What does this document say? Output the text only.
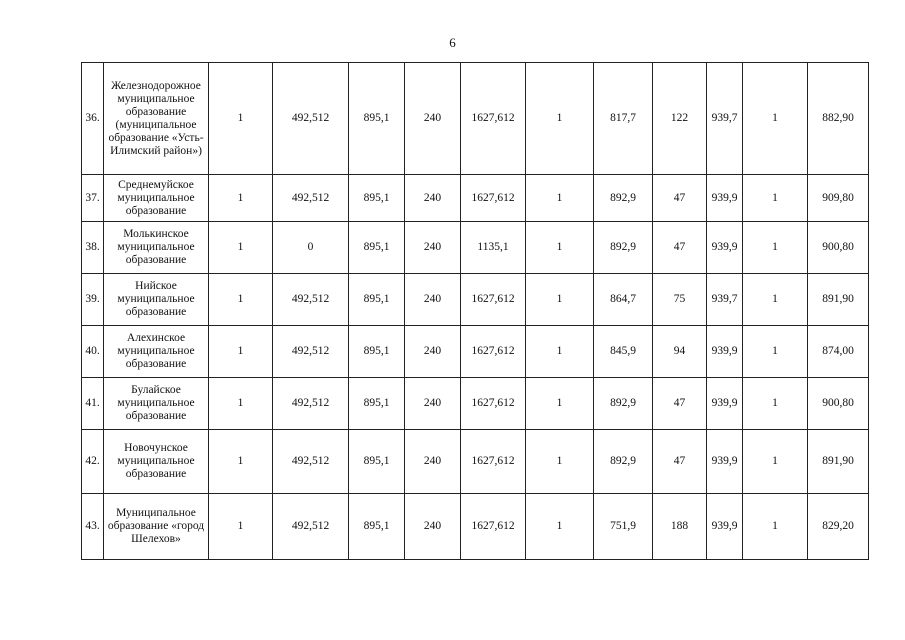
6
36.	Железнодорожное муниципальное образование (муниципальное образование «Усть-Илимский район»)	1	492,512	895,1	240	1627,612	1	817,7	122	939,7	1	882,90
37.	Среднемуйское муниципальное образование	1	492,512	895,1	240	1627,612	1	892,9	47	939,9	1	909,80
38.	Молькинское муниципальное образование	1	0	895,1	240	1135,1	1	892,9	47	939,9	1	900,80
39.	Нийское муниципальное образование	1	492,512	895,1	240	1627,612	1	864,7	75	939,7	1	891,90
40.	Алехинское муниципальное образование	1	492,512	895,1	240	1627,612	1	845,9	94	939,9	1	874,00
41.	Булайское муниципальное образование	1	492,512	895,1	240	1627,612	1	892,9	47	939,9	1	900,80
42.	Новочунское муниципальное образование	1	492,512	895,1	240	1627,612	1	892,9	47	939,9	1	891,90
43.	Муниципальное образование «город Шелехов»	1	492,512	895,1	240	1627,612	1	751,9	188	939,9	1	829,20
